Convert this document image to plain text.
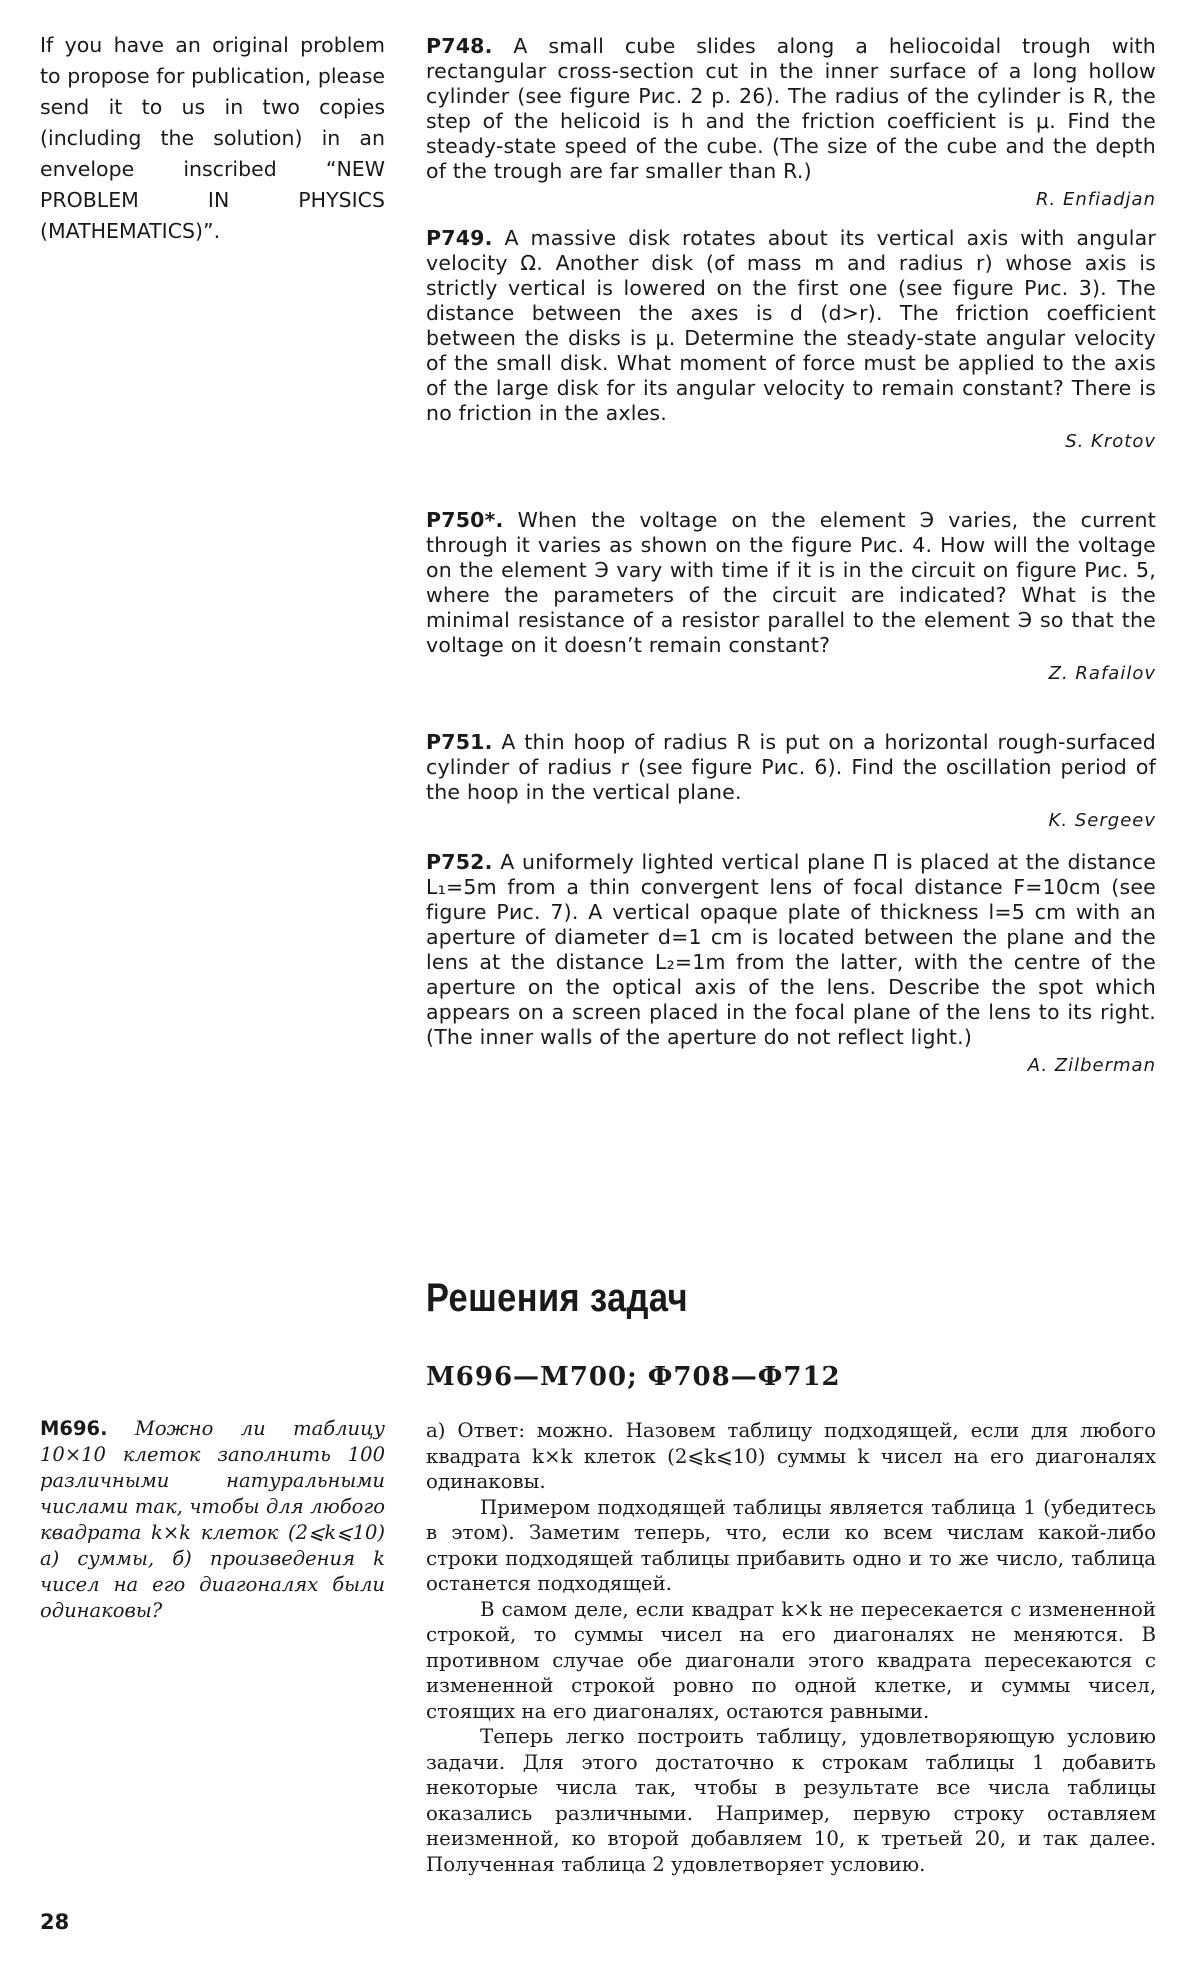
If you have an original problem to propose for publication, please send it to us in two copies (including the solution) in an envelope inscribed “NEW PROBLEM IN PHYSICS (MATHEMATICS)”.

P748. A small cube slides along a heliocoidal trough with rectangular cross-section cut in the inner surface of a long hollow cylinder (see figure Рис. 2 p. 26). The radius of the cylinder is R, the step of the helicoid is h and the friction coefficient is μ. Find the steady-state speed of the cube. (The size of the cube and the depth of the trough are far smaller than R.)

R. Enfiadjan

P749. A massive disk rotates about its vertical axis with angular velocity Ω. Another disk (of mass m and radius r) whose axis is strictly vertical is lowered on the first one (see figure Рис. 3). The distance between the axes is d (d>r). The friction coefficient between the disks is μ. Determine the steady-state angular velocity of the small disk. What moment of force must be applied to the axis of the large disk for its angular velocity to remain constant? There is no friction in the axles.

S. Krotov

P750*. When the voltage on the element Э varies, the current through it varies as shown on the figure Рис. 4. How will the voltage on the element Э vary with time if it is in the circuit on figure Рис. 5, where the parameters of the circuit are indicated? What is the minimal resistance of a resistor parallel to the element Э so that the voltage on it doesn’t remain constant?

Z. Rafailov

P751. A thin hoop of radius R is put on a horizontal rough-surfaced cylinder of radius r (see figure Рис. 6). Find the oscillation period of the hoop in the vertical plane.

K. Sergeev

P752. A uniformely lighted vertical plane Π is placed at the distance L₁=5m from a thin convergent lens of focal distance F=10cm (see figure Рис. 7). A vertical opaque plate of thickness l=5 cm with an aperture of diameter d=1 cm is located between the plane and the lens at the distance L₂=1m from the latter, with the centre of the aperture on the optical axis of the lens. Describe the spot which appears on a screen placed in the focal plane of the lens to its right. (The inner walls of the aperture do not reflect light.)

A. Zilberman
Решения задач
М696—М700; Ф708—Ф712
М696. Можно ли таблицу 10×10 клеток заполнить 100 различными натуральными числами так, чтобы для любого квадрата k×k клеток (2⩽k⩽10) а) суммы, б) произведения k чисел на его диагоналях были одинаковы?

а) Ответ: можно. Назовем таблицу подходящей, если для любого квадрата k×k клеток (2⩽k⩽10) суммы k чисел на его диагоналях одинаковы.

Примером подходящей таблицы является таблица 1 (убедитесь в этом). Заметим теперь, что, если ко всем числам какой-либо строки подходящей таблицы прибавить одно и то же число, таблица останется подходящей.

В самом деле, если квадрат k×k не пересекается с измененной строкой, то суммы чисел на его диагоналях не меняются. В противном случае обе диагонали этого квадрата пересекаются с измененной строкой ровно по одной клетке, и суммы чисел, стоящих на его диагоналях, остаются равными.

Теперь легко построить таблицу, удовлетворяющую условию задачи. Для этого достаточно к строкам таблицы 1 добавить некоторые числа так, чтобы в результате все числа таблицы оказались различными. Например, первую строку оставляем неизменной, ко второй добавляем 10, к третьей 20, и так далее. Полученная таблица 2 удовлетворяет условию.

28
